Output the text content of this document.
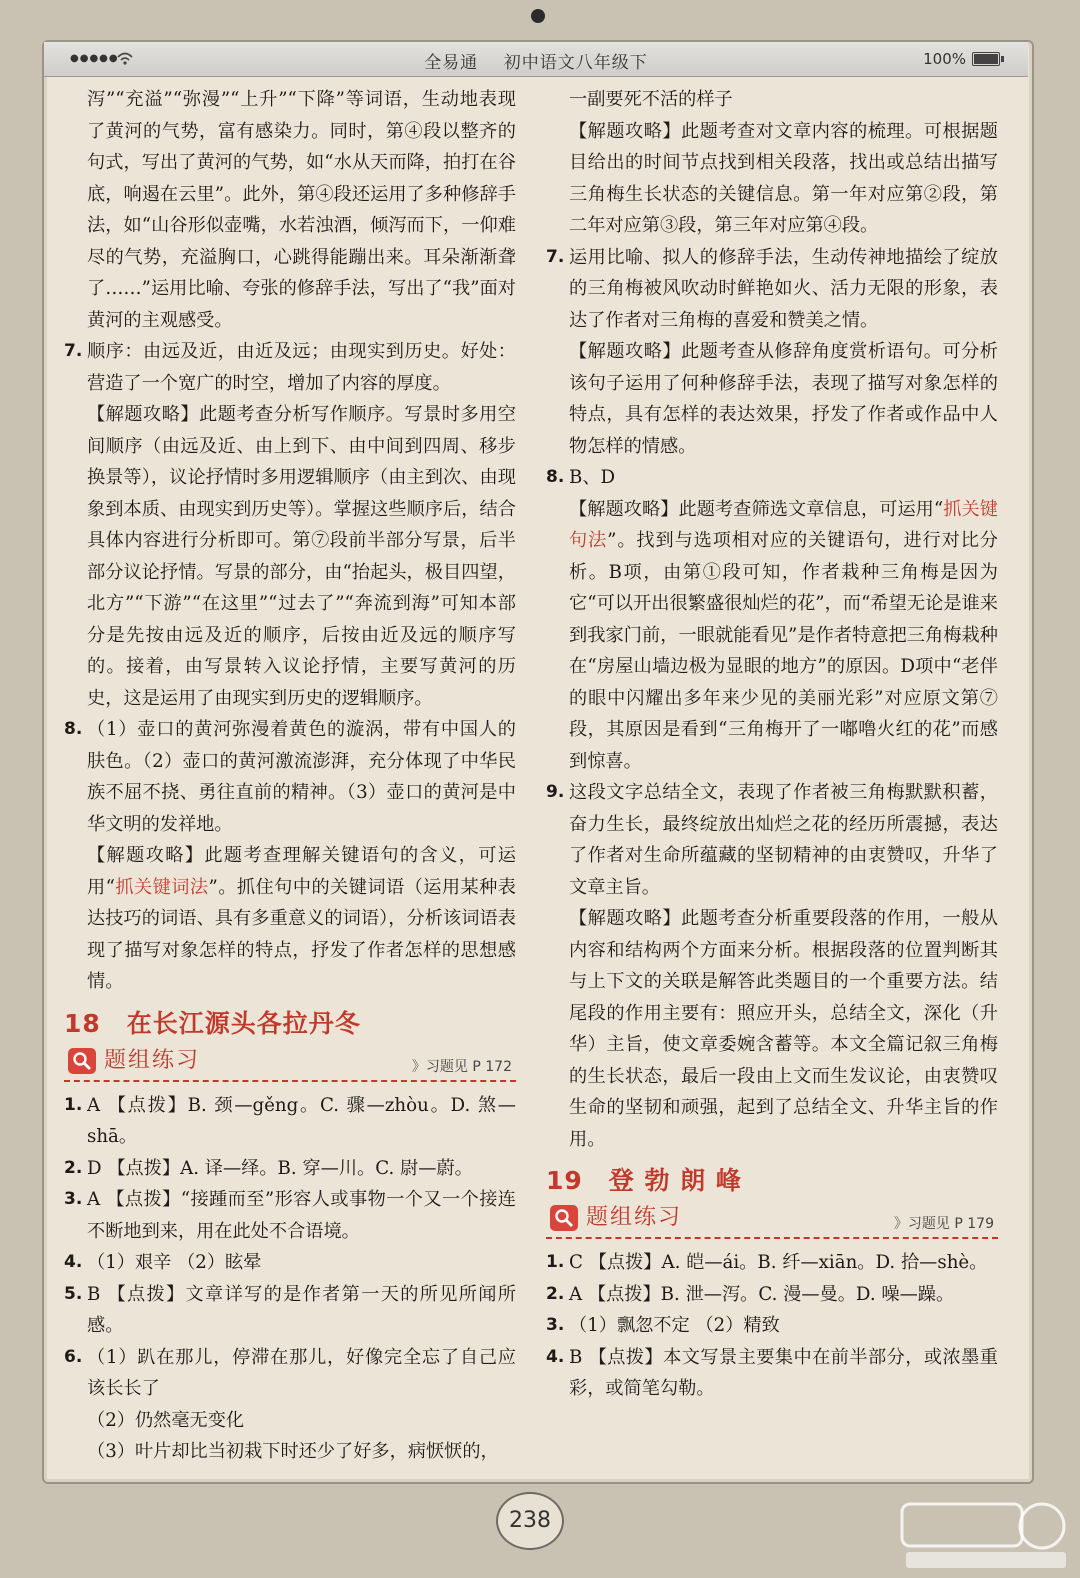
●●●●●	全易通    初中语文八年级下	100%

泻”“充溢”“弥漫”“上升”“下降”等词语，生动地表现了黄河的气势，富有感染力。同时，第④段以整齐的句式，写出了黄河的气势，如“水从天而降，拍打在谷底，响遏在云里”。此外，第④段还运用了多种修辞手法，如“山谷形似壶嘴，水若浊酒，倾泻而下，一仰难尽的气势，充溢胸口，心跳得能蹦出来。耳朵渐渐聋了……”运用比喻、夸张的修辞手法，写出了“我”面对黄河的主观感受。

7. 顺序：由远及近，由近及远；由现实到历史。好处：营造了一个宽广的时空，增加了内容的厚度。

【解题攻略】此题考查分析写作顺序。写景时多用空间顺序（由远及近、由上到下、由中间到四周、移步换景等），议论抒情时多用逻辑顺序（由主到次、由现象到本质、由现实到历史等）。掌握这些顺序后，结合具体内容进行分析即可。第⑦段前半部分写景，后半部分议论抒情。写景的部分，由“抬起头，极目四望，北方”“下游”“在这里”“过去了”“奔流到海”可知本部分是先按由远及近的顺序，后按由近及远的顺序写的。接着，由写景转入议论抒情，主要写黄河的历史，这是运用了由现实到历史的逻辑顺序。

8. （1）壶口的黄河弥漫着黄色的漩涡，带有中国人的肤色。（2）壶口的黄河激流澎湃，充分体现了中华民族不屈不挠、勇往直前的精神。（3）壶口的黄河是中华文明的发祥地。

【解题攻略】此题考查理解关键语句的含义，可运用“抓关键词法”。抓住句中的关键词语（运用某种表达技巧的词语、具有多重意义的词语），分析该词语表现了描写对象怎样的特点，抒发了作者怎样的思想感情。

18 在长江源头各拉丹冬
题组练习	》习题见 P 172

1. A 【点拨】B. 颈—gěng。C. 骤—zhòu。D. 煞—shā。

2. D 【点拨】A. 译—绎。B. 穿—川。C. 尉—蔚。

3. A 【点拨】“接踵而至”形容人或事物一个又一个接连不断地到来，用在此处不合语境。

4. （1）艰辛 （2）眩晕

5. B 【点拨】文章详写的是作者第一天的所见所闻所感。

6. （1）趴在那儿，停滞在那儿，好像完全忘了自己应该长长了

（2）仍然毫无变化

（3）叶片却比当初栽下时还少了好多，病恹恹的，

一副要死不活的样子

【解题攻略】此题考查对文章内容的梳理。可根据题目给出的时间节点找到相关段落，找出或总结出描写三角梅生长状态的关键信息。第一年对应第②段，第二年对应第③段，第三年对应第④段。

7. 运用比喻、拟人的修辞手法，生动传神地描绘了绽放的三角梅被风吹动时鲜艳如火、活力无限的形象，表达了作者对三角梅的喜爱和赞美之情。

【解题攻略】此题考查从修辞角度赏析语句。可分析该句子运用了何种修辞手法，表现了描写对象怎样的特点，具有怎样的表达效果，抒发了作者或作品中人物怎样的情感。

8. B、D

【解题攻略】此题考查筛选文章信息，可运用“抓关键句法”。找到与选项相对应的关键语句，进行对比分析。B项，由第①段可知，作者栽种三角梅是因为它“可以开出很繁盛很灿烂的花”，而“希望无论是谁来到我家门前，一眼就能看见”是作者特意把三角梅栽种在“房屋山墙边极为显眼的地方”的原因。D项中“老伴的眼中闪耀出多年来少见的美丽光彩”对应原文第⑦段，其原因是看到“三角梅开了一嘟噜火红的花”而感到惊喜。

9. 这段文字总结全文，表现了作者被三角梅默默积蓄，奋力生长，最终绽放出灿烂之花的经历所震撼，表达了作者对生命所蕴藏的坚韧精神的由衷赞叹，升华了文章主旨。

【解题攻略】此题考查分析重要段落的作用，一般从内容和结构两个方面来分析。根据段落的位置判断其与上下文的关联是解答此类题目的一个重要方法。结尾段的作用主要有：照应开头，总结全文，深化（升华）主旨，使文章委婉含蓄等。本文全篇记叙三角梅的生长状态，最后一段由上文而生发议论，由衷赞叹生命的坚韧和顽强，起到了总结全文、升华主旨的作用。

19 登 勃 朗 峰
题组练习	》习题见 P 179

1. C 【点拨】A. 皑—ái。B. 纤—xiān。D. 拾—shè。

2. A 【点拨】B. 泄—泻。C. 漫—曼。D. 噪—躁。

3. （1）飘忽不定 （2）精致

4. B 【点拨】本文写景主要集中在前半部分，或浓墨重彩，或简笔勾勒。

238
